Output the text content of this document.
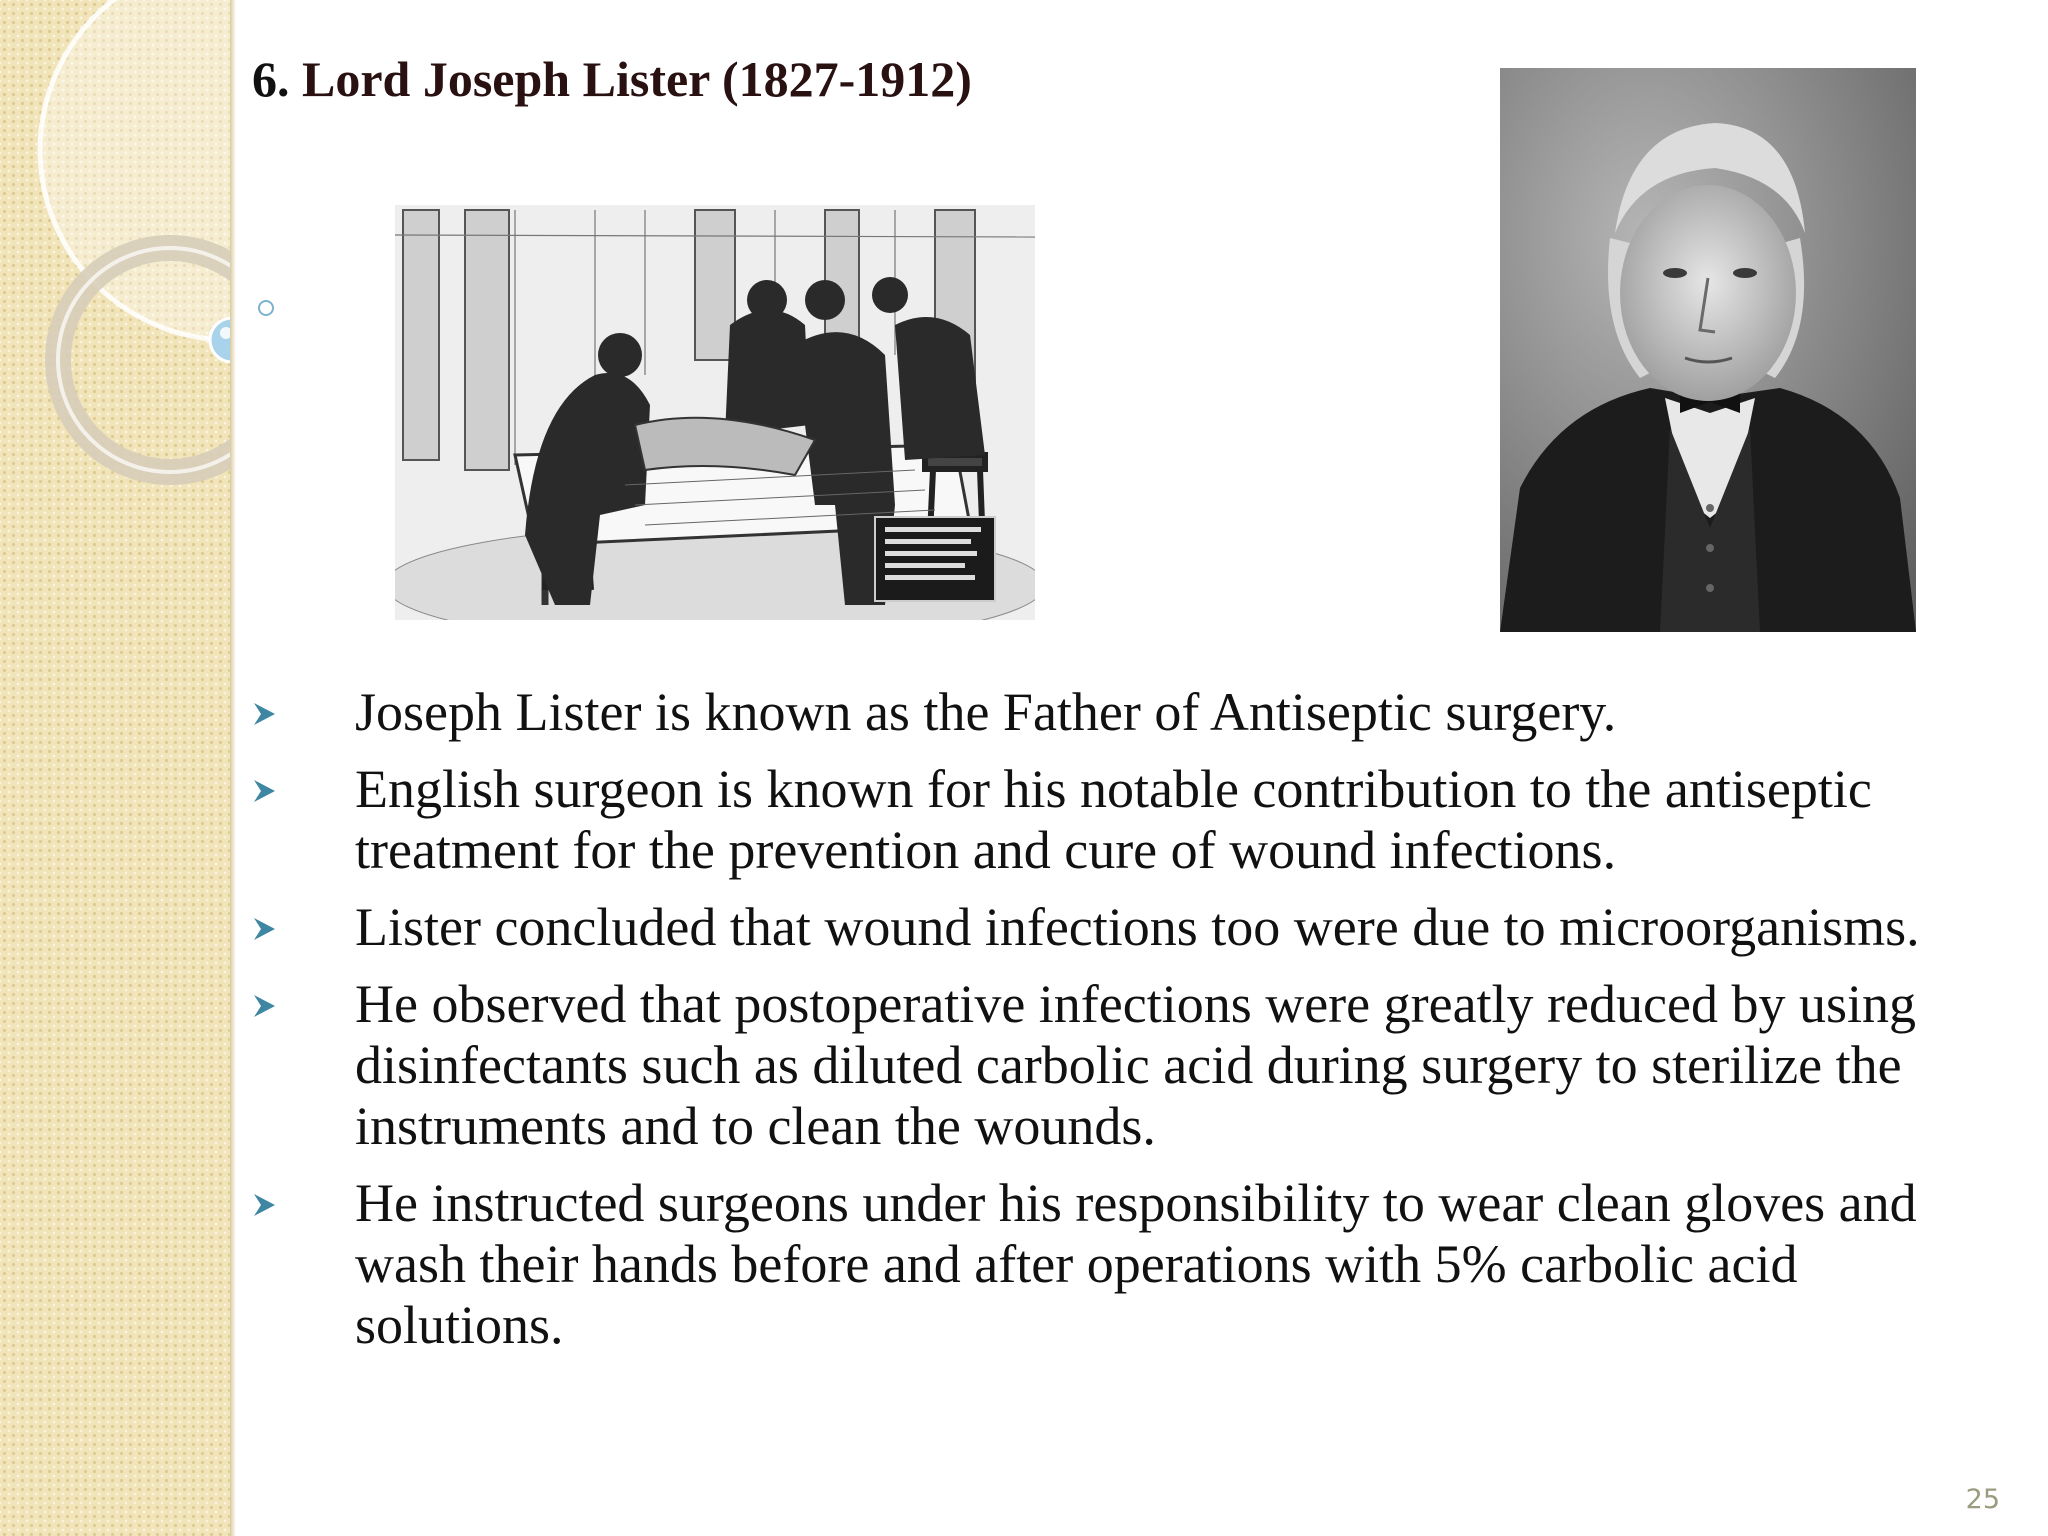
6. Lord Joseph Lister (1827-1912)
Joseph Lister is known as the Father of Antiseptic surgery.
English surgeon is known for his notable contribution to the antiseptic treatment for the prevention and cure of wound infections.
Lister concluded that wound infections too were due to microorganisms.
He observed that postoperative infections were greatly reduced by using disinfectants such as diluted carbolic acid during surgery to sterilize the instruments and to clean the wounds.
He instructed surgeons under his responsibility to wear clean gloves and wash their hands before and after operations with 5% carbolic acid solutions.
25
